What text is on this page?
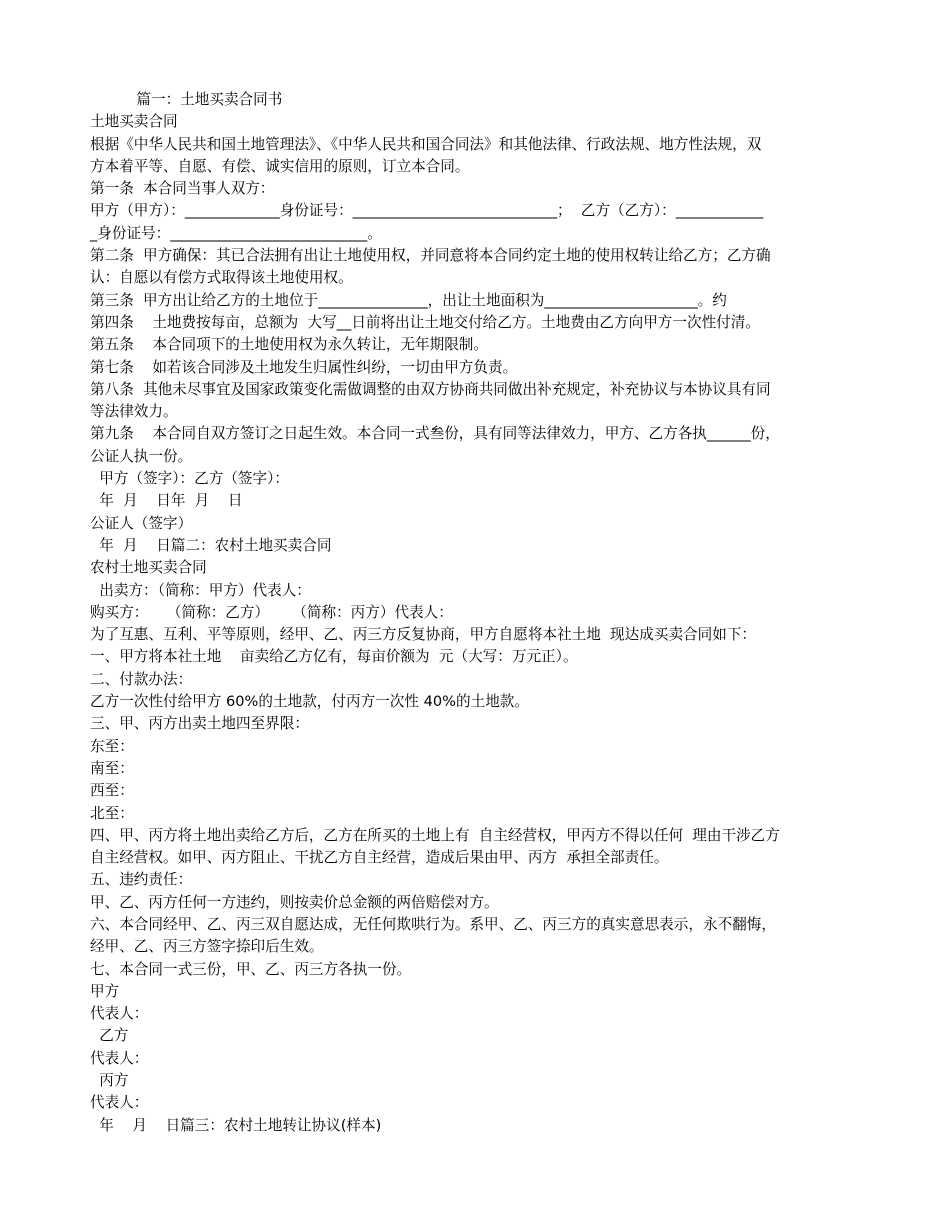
篇一：土地买卖合同书
土地买卖合同
根据《中华人民共和国土地管理法》、《中华人民共和国合同法》和其他法律、行政法规、地方性法规，双
方本着平等、自愿、有偿、诚实信用的原则，订立本合同。
第一条  本合同当事人双方：
甲方（甲方）：_____________身份证号：____________________________；  乙方（乙方）：____________
_身份证号：___________________________。
第二条  甲方确保：其已合法拥有出让土地使用权，并同意将本合同约定土地的使用权转让给乙方；乙方确
认：自愿以有偿方式取得该土地使用权。
第三条  甲方出让给乙方的土地位于_______________，出让土地面积为_____________________。约
第四条    土地费按每亩，总额为  大写__日前将出让土地交付给乙方。土地费由乙方向甲方一次性付清。
第五条    本合同项下的土地使用权为永久转让，无年期限制。
第七条    如若该合同涉及土地发生归属性纠纷，一切由甲方负责。
第八条  其他未尽事宜及国家政策变化需做调整的由双方协商共同做出补充规定，补充协议与本协议具有同
等法律效力。
第九条    本合同自双方签订之日起生效。本合同一式叁份，具有同等法律效力，甲方、乙方各执______份，
公证人执一份。
甲方（签字）：乙方（签字）：
年  月    日年  月    日
公证人（签字）
年  月    日篇二：农村土地买卖合同
农村土地买卖合同
出卖方：（简称：甲方）代表人：
购买方：    （简称：乙方）     （简称：丙方）代表人：
为了互惠、互利、平等原则，经甲、乙、丙三方反复协商，甲方自愿将本社土地  现达成买卖合同如下：
一、甲方将本社土地    亩卖给乙方亿有，每亩价额为  元（大写：万元正）。
二、付款办法：
乙方一次性付给甲方 60%的土地款，付丙方一次性 40%的土地款。
三、甲、丙方出卖土地四至界限：
东至：
南至：
西至：
北至：
四、甲、丙方将土地出卖给乙方后，乙方在所买的土地上有  自主经营权，甲丙方不得以任何  理由干涉乙方
自主经营权。如甲、丙方阻止、干扰乙方自主经营，造成后果由甲、丙方  承担全部责任。
五、违约责任：
甲、乙、丙方任何一方违约，则按卖价总金额的两倍赔偿对方。
六、本合同经甲、乙、丙三双自愿达成，无任何欺哄行为。系甲、乙、丙三方的真实意思表示，永不翻悔，
经甲、乙、丙三方签字捺印后生效。
七、本合同一式三份，甲、乙、丙三方各执一份。
甲方
代表人：
乙方
代表人：
丙方
代表人：
年    月    日篇三：农村土地转让协议(样本)
